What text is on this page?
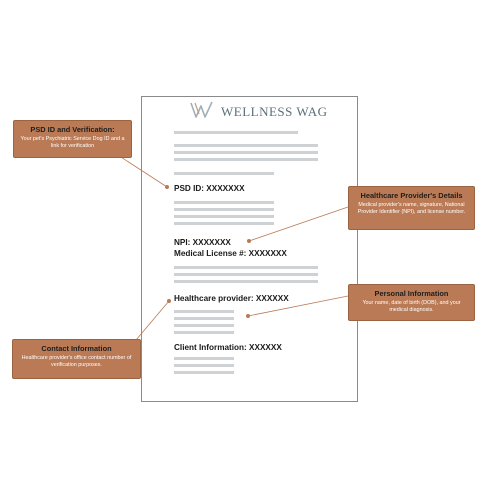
WELLNESS WAG
PSD ID: XXXXXXX
NPI: XXXXXXX
Medical License #: XXXXXXX
Healthcare provider: XXXXXX
Client Information: XXXXXX
PSD ID and Verification:
Your pet's Psychiatric Service Dog ID and a link for verification
Healthcare Provider's Details
Medical provider's name, signature, National Provider Identifier (NPI), and license number.
Personal Information
Your name, date of birth (DOB), and your medical diagnosis.
Contact Information
Healthcare provider's office contact number of verification purposes.
